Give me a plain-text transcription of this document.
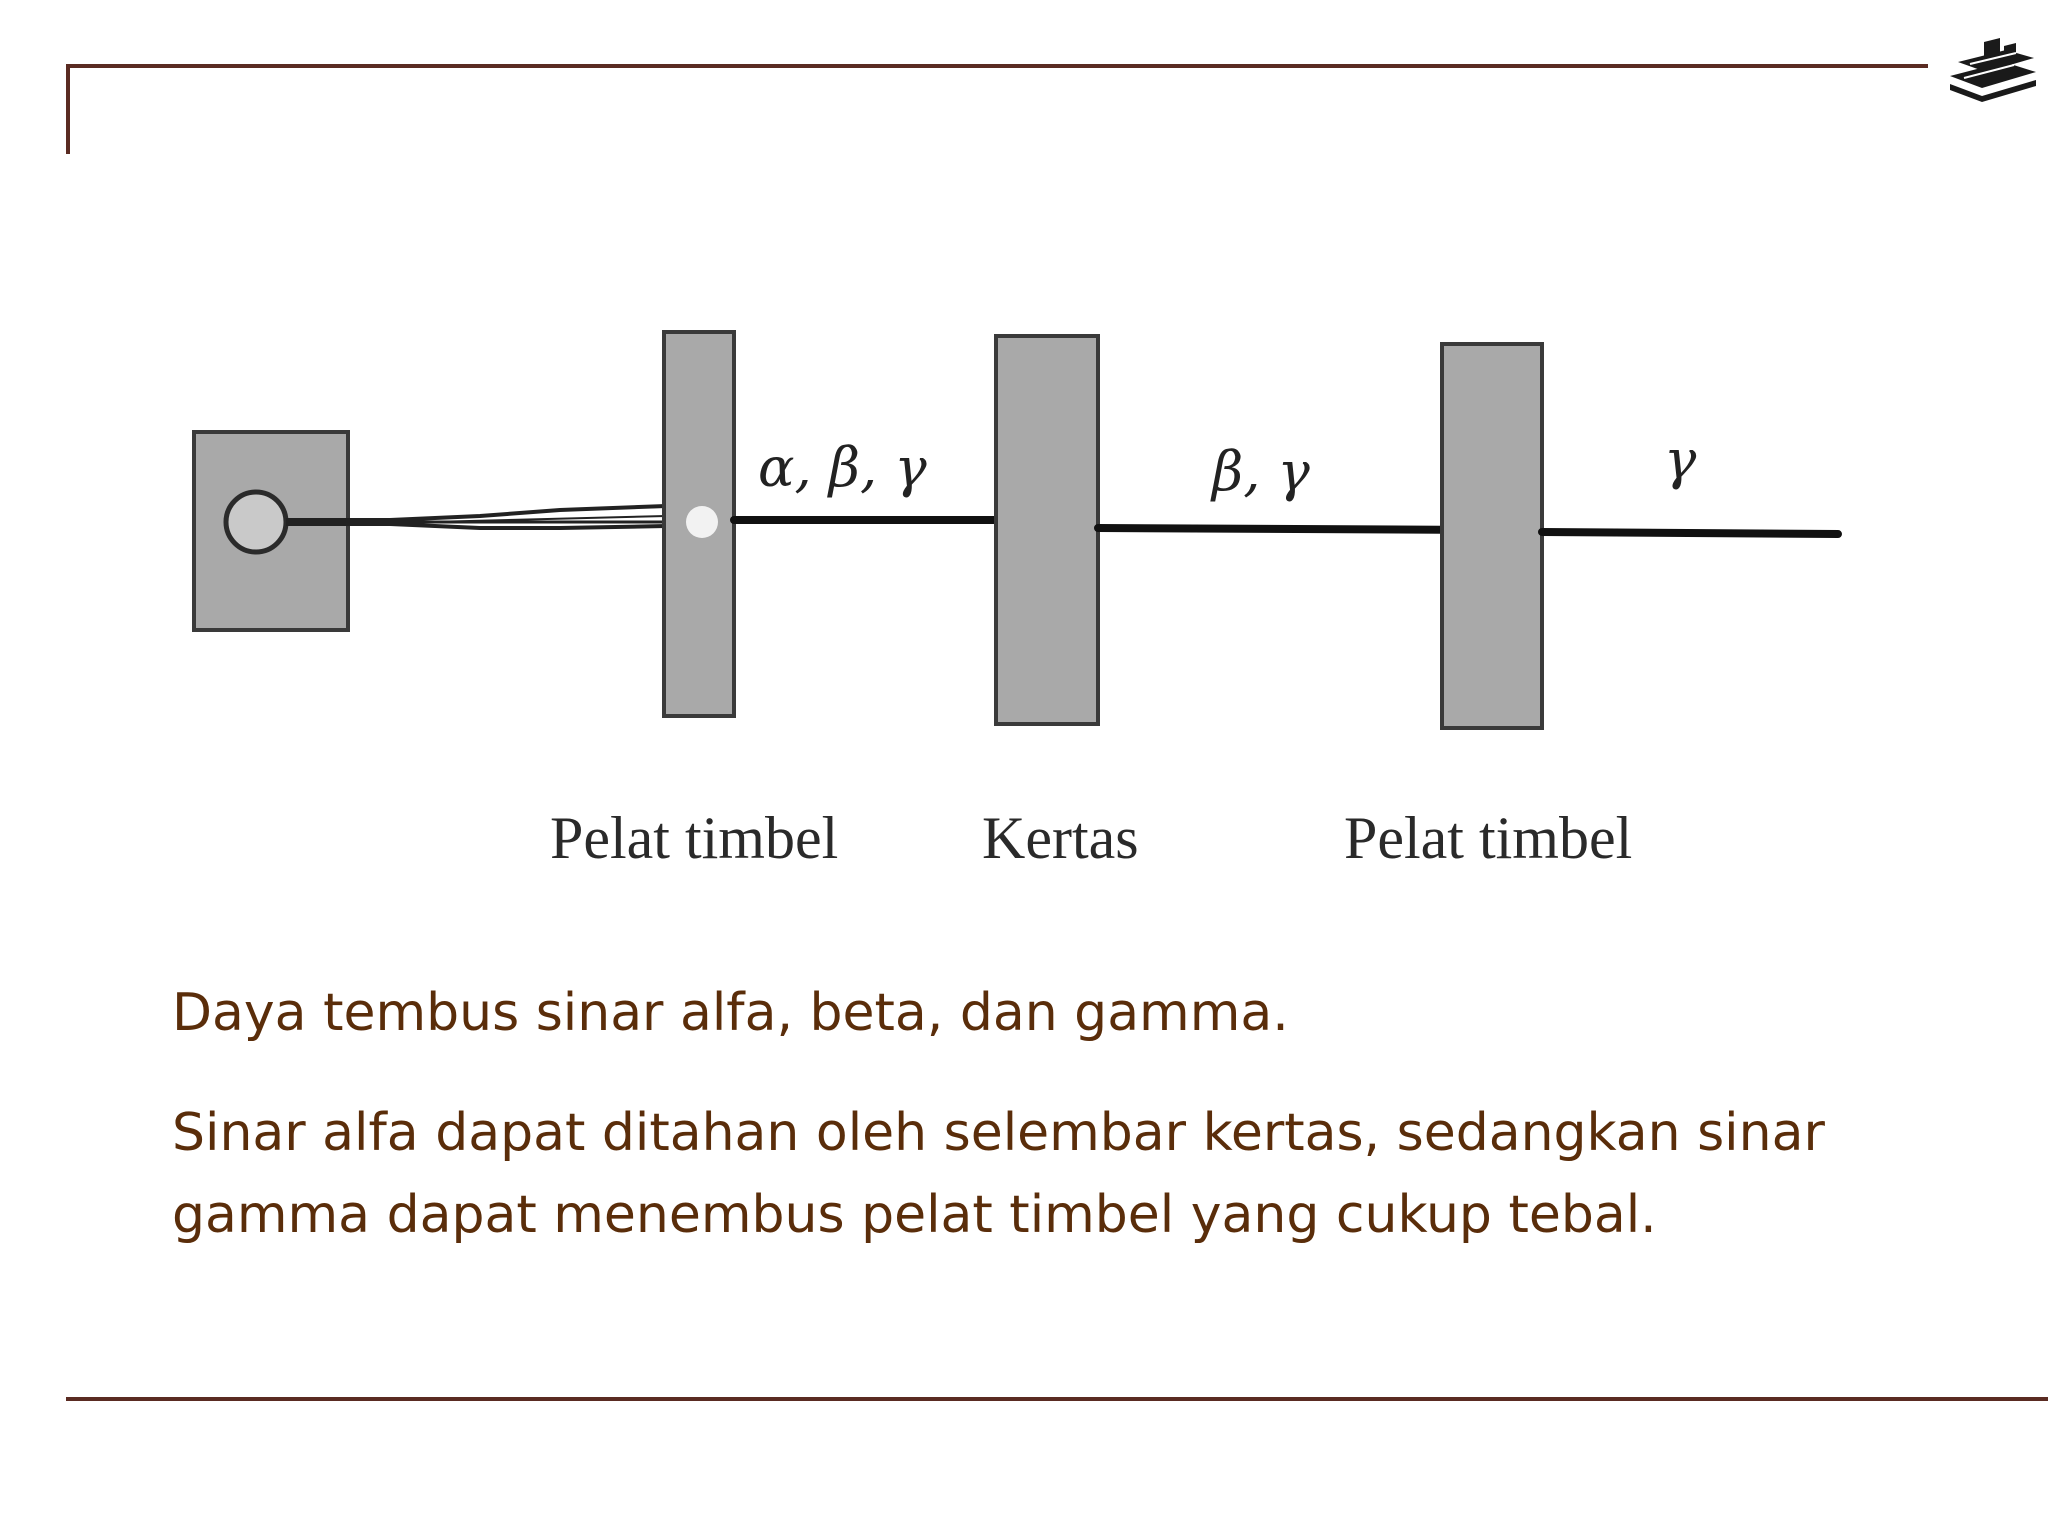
α, β, γ	β, γ	γ
Pelat timbel Kertas	Pelat timbel

Daya tembus sinar alfa, beta, dan gamma.

Sinar alfa dapat ditahan oleh selembar kertas, sedangkan sinar
gamma dapat menembus pelat timbel yang cukup tebal.
